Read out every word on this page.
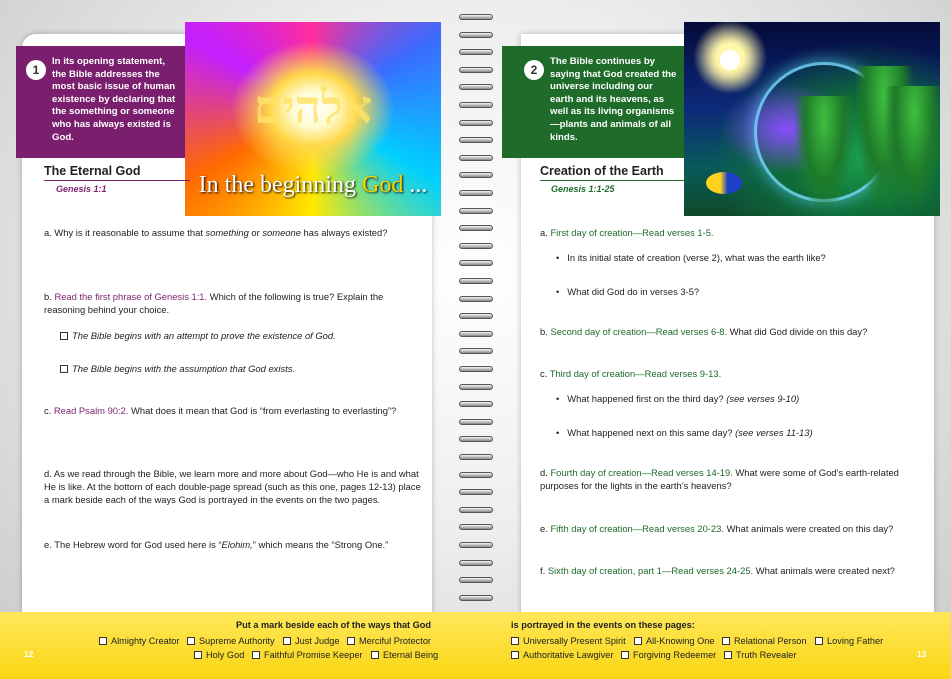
1
In its opening statement, the Bible addresses the most basic issue of human existence by declaring that the something or someone who has always existed is God.
אלהים
In the beginning God ...
2
The Bible continues by saying that God created the universe including our earth and its heavens, as well as its living organisms—plants and animals of all kinds.
The Eternal God
Genesis 1:1
a. Why is it reasonable to assume that something or someone has always existed?
b. Read the first phrase of Genesis 1:1. Which of the following is true? Explain the reasoning behind your choice.
The Bible begins with an attempt to prove the existence of God.
The Bible begins with the assumption that God exists.
c. Read Psalm 90:2. What does it mean that God is “from everlasting to everlasting”?
d. As we read through the Bible, we learn more and more about God—who He is and what He is like. At the bottom of each double-page spread (such as this one, pages 12-13) place a mark beside each of the ways God is portrayed in the events on the two pages.
e. The Hebrew word for God used here is “Elohim,” which means the “Strong One.”
Creation of the Earth
Genesis 1:1-25
a. First day of creation—Read verses 1-5.
• In its initial state of creation (verse 2), what was the earth like?
• What did God do in verses 3-5?
b. Second day of creation—Read verses 6-8. What did God divide on this day?
c. Third day of creation—Read verses 9-13.
• What happened first on the third day? (see verses 9-10)
• What happened next on this same day? (see verses 11-13)
d. Fourth day of creation—Read verses 14-19. What were some of God’s earth-related purposes for the lights in the earth’s heavens?
e. Fifth day of creation—Read verses 20-23. What animals were created on this day?
f. Sixth day of creation, part 1—Read verses 24-25. What animals were created next?
12	13
Put a mark beside each of the ways that God	is portrayed in the events on these pages:
Almighty Creator	Supreme Authority	Just Judge	Merciful Protector
Holy God	Faithful Promise Keeper	Eternal Being
Universally Present Spirit	All-Knowing One	Relational Person	Loving Father
Authoritative Lawgiver	Forgiving Redeemer	Truth Revealer
